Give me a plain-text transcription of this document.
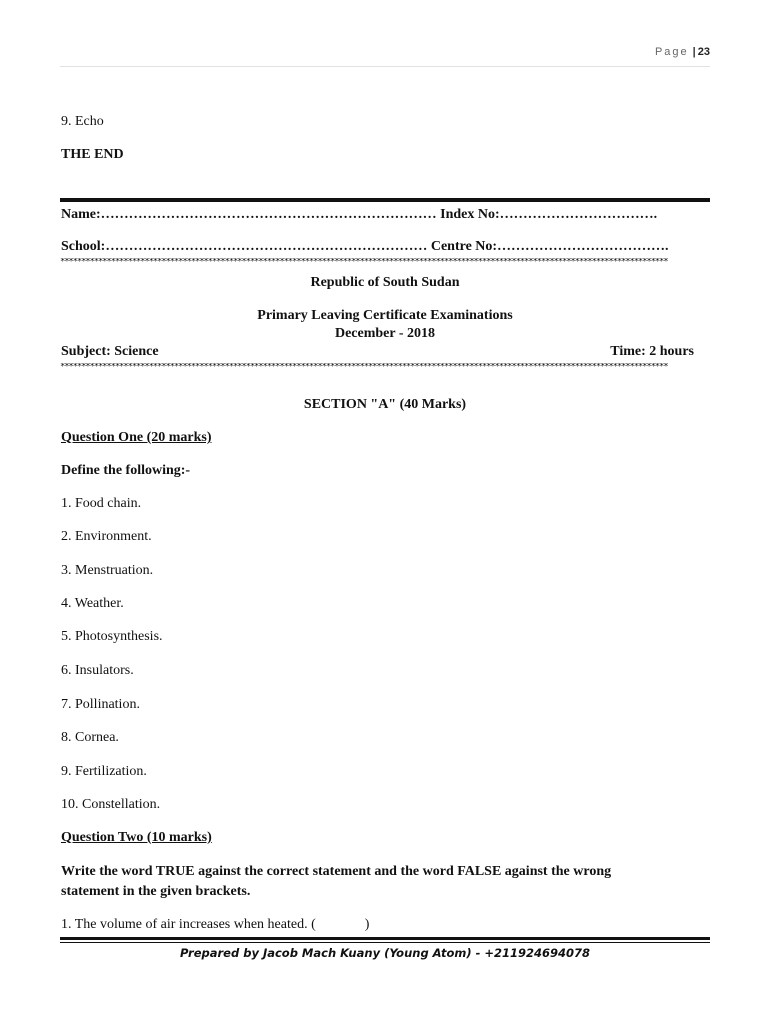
Page | 23
9. Echo
THE END
Name:……………………………………………………………… Index No:…………………………….
School:…………………………………………………………… Centre No:……………………………….
************************************************************************************************************************************************
Republic of South Sudan
Primary Leaving Certificate Examinations
December - 2018
Subject: Science	Time: 2 hours
************************************************************************************************************************************************
SECTION "A" (40 Marks)
Question One (20 marks)
Define the following:-
1. Food chain.
2. Environment.
3. Menstruation.
4. Weather.
5. Photosynthesis.
6. Insulators.
7. Pollination.
8. Cornea.
9. Fertilization.
10. Constellation.
Question Two (10 marks)
Write the word TRUE against the correct statement and the word FALSE against the wrong
statement in the given brackets.
1. The volume of air increases when heated. (              )
Prepared by Jacob Mach Kuany (Young Atom) - +211924694078
